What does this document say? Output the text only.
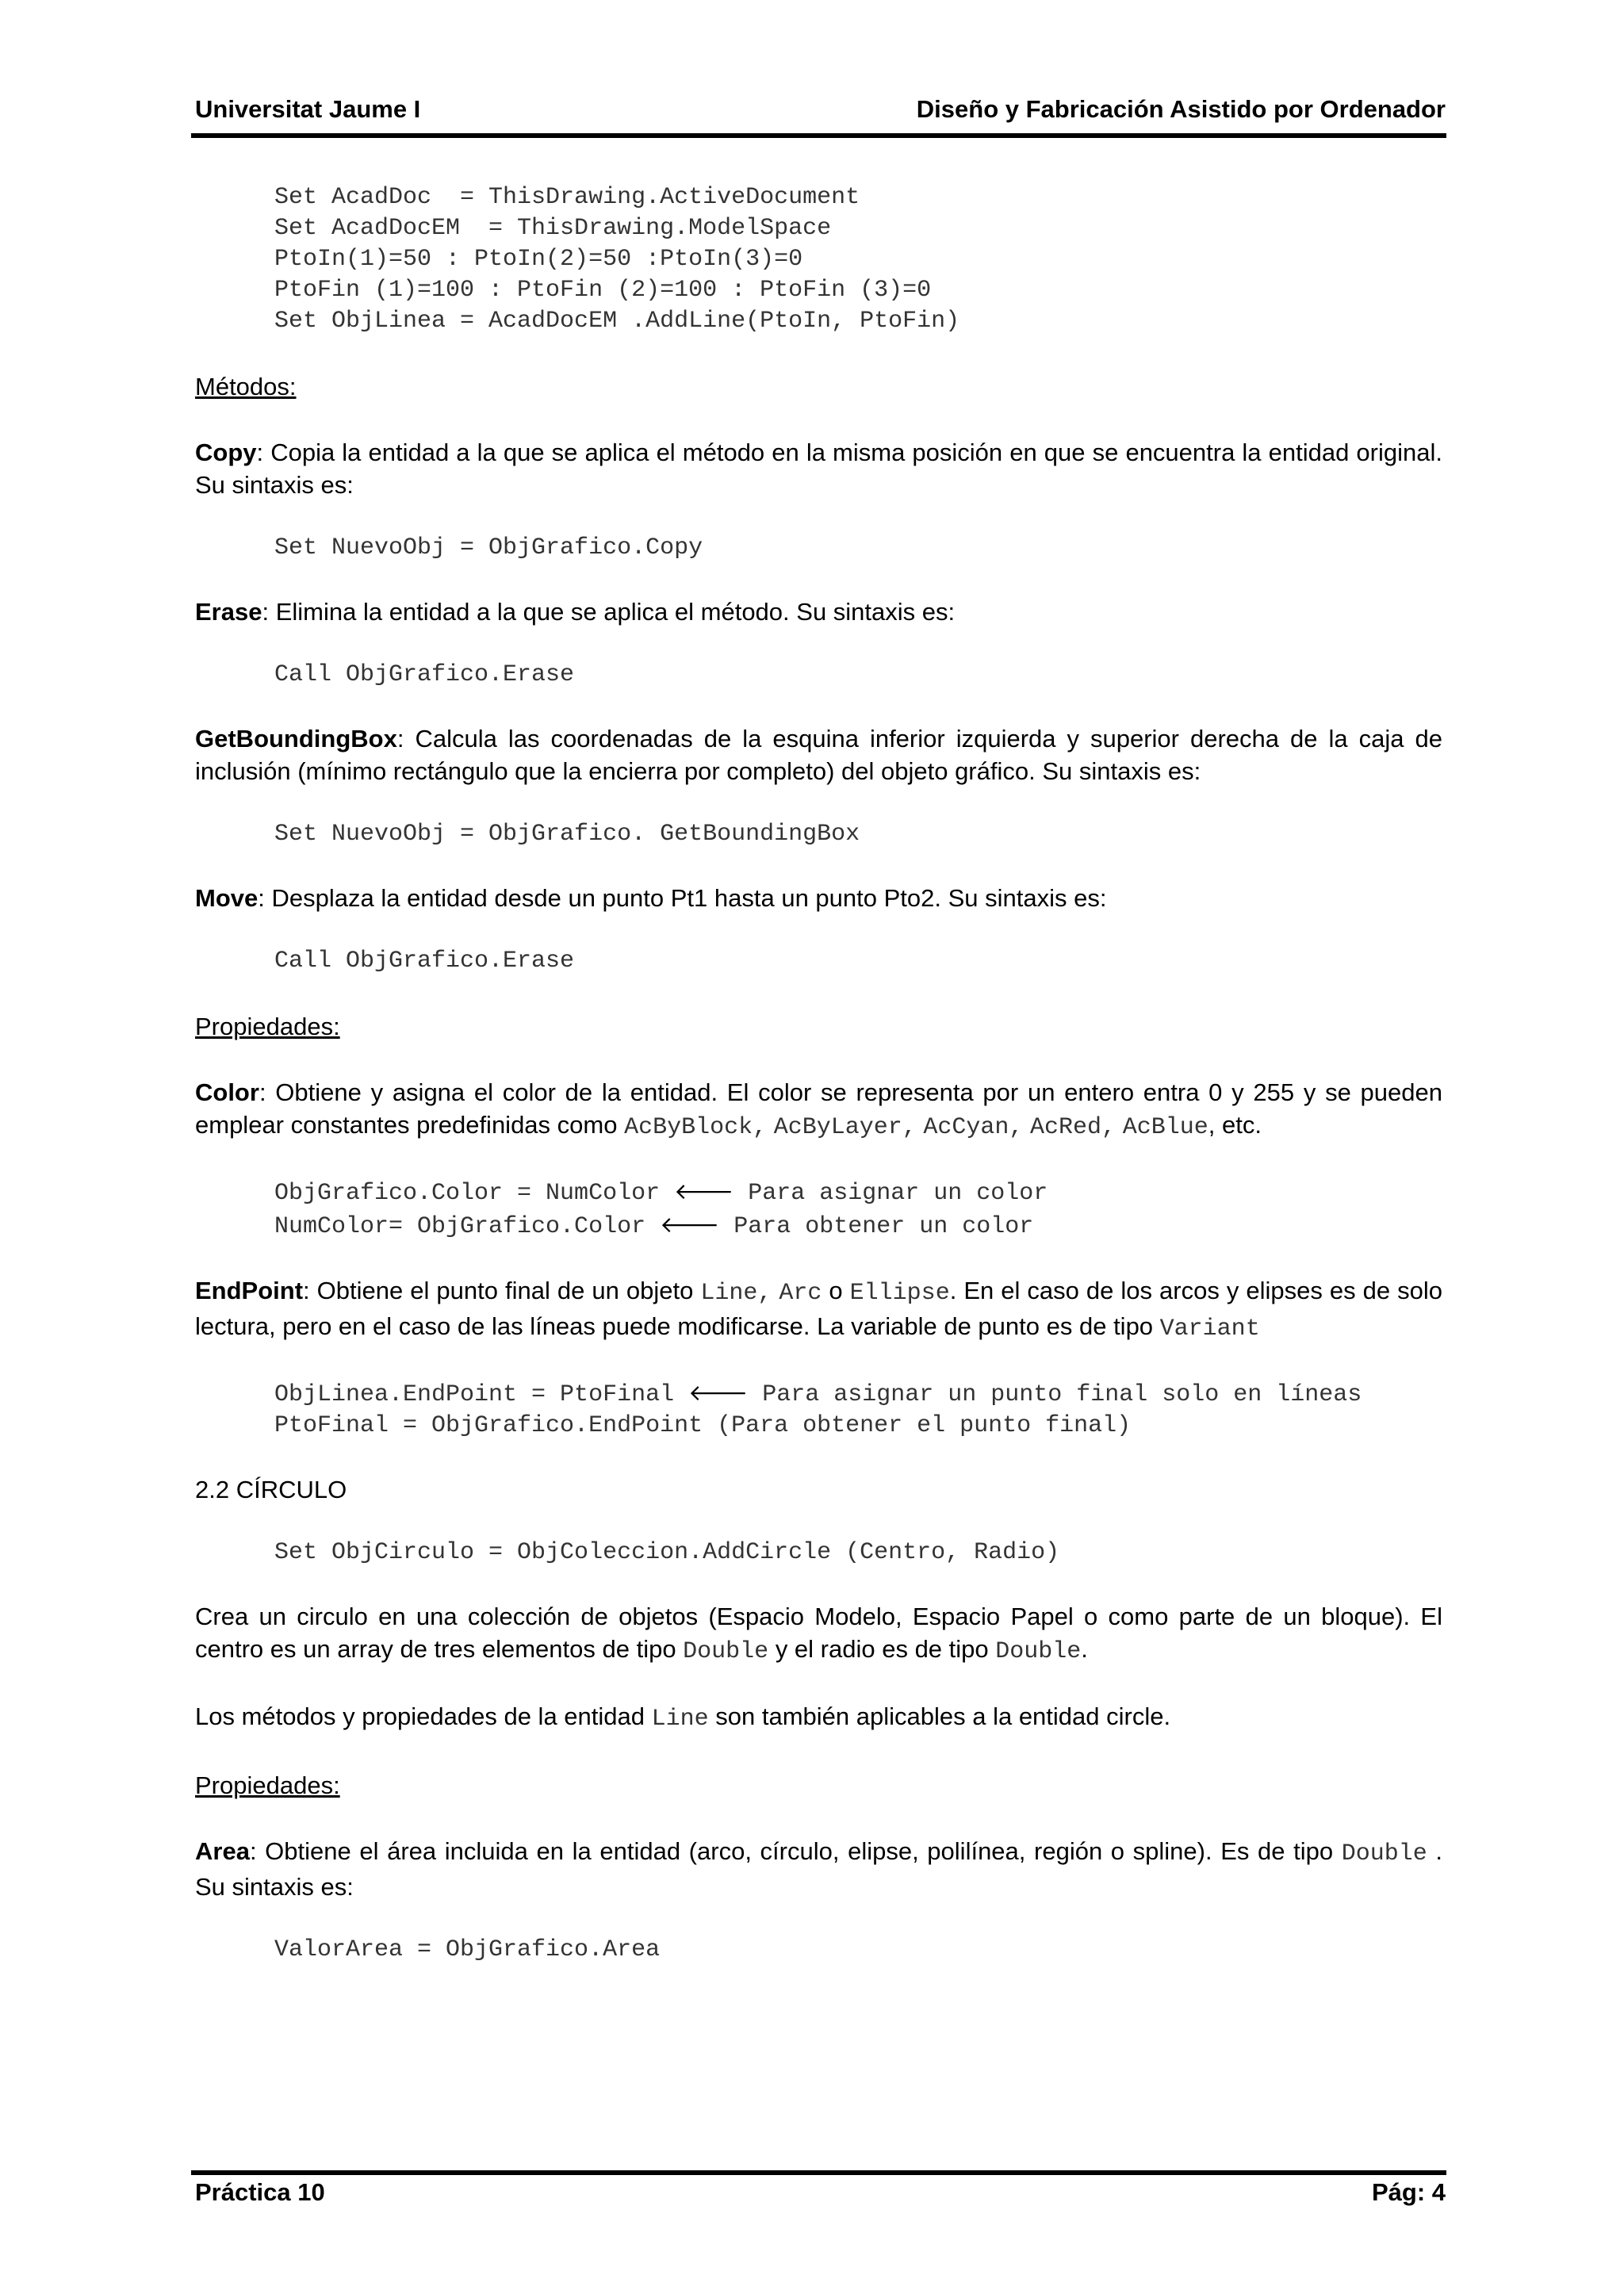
Universitat Jaume I	Diseño y Fabricación Asistido por Ordenador

Set AcadDoc  = ThisDrawing.ActiveDocument

Set AcadDocEM  = ThisDrawing.ModelSpace

PtoIn(1)=50 : PtoIn(2)=50 :PtoIn(3)=0

PtoFin (1)=100 : PtoFin (2)=100 : PtoFin (3)=0

Set ObjLinea = AcadDocEM .AddLine(PtoIn, PtoFin)

Métodos:

Copy: Copia la entidad a la que se aplica el método en la misma posición en que se encuentra la entidad original. Su sintaxis es:

Set NuevoObj = ObjGrafico.Copy

Erase: Elimina la entidad a la que se aplica el método. Su sintaxis es:

Call ObjGrafico.Erase

GetBoundingBox: Calcula las coordenadas de la esquina inferior izquierda y superior derecha de la caja de inclusión (mínimo rectángulo que la encierra por completo) del objeto gráfico. Su sintaxis es:

Set NuevoObj = ObjGrafico. GetBoundingBox

Move: Desplaza la entidad desde un punto Pt1 hasta un punto Pto2. Su sintaxis es:

Call ObjGrafico.Erase

Propiedades:

Color: Obtiene y asigna el color de la entidad. El color se representa por un entero entra 0 y 255 y se pueden emplear constantes predefinidas como AcByBlock, AcByLayer, AcCyan, AcRed, AcBlue, etc.

ObjGrafico.Color = NumColor 🡐 Para asignar un color

NumColor= ObjGrafico.Color 🡐 Para obtener un color

EndPoint: Obtiene el punto final de un objeto Line, Arc o Ellipse. En el caso de los arcos y elipses es de solo lectura, pero en el caso de las líneas puede modificarse. La variable de punto es de tipo Variant

ObjLinea.EndPoint = PtoFinal 🡐 Para asignar un punto final solo en líneas

PtoFinal = ObjGrafico.EndPoint (Para obtener el punto final)

2.2 CÍRCULO

Set ObjCirculo = ObjColeccion.AddCircle (Centro, Radio)

Crea un circulo en una colección de objetos (Espacio Modelo, Espacio Papel o como parte de un bloque). El centro es un array de tres elementos de tipo Double y el radio es de tipo Double.

Los métodos y propiedades de la entidad Line son también aplicables a la entidad circle.

Propiedades:

Area: Obtiene el área incluida en la entidad (arco, círculo, elipse, polilínea, región o spline). Es de tipo Double . Su sintaxis es:

ValorArea = ObjGrafico.Area

Práctica 10	Pág: 4
